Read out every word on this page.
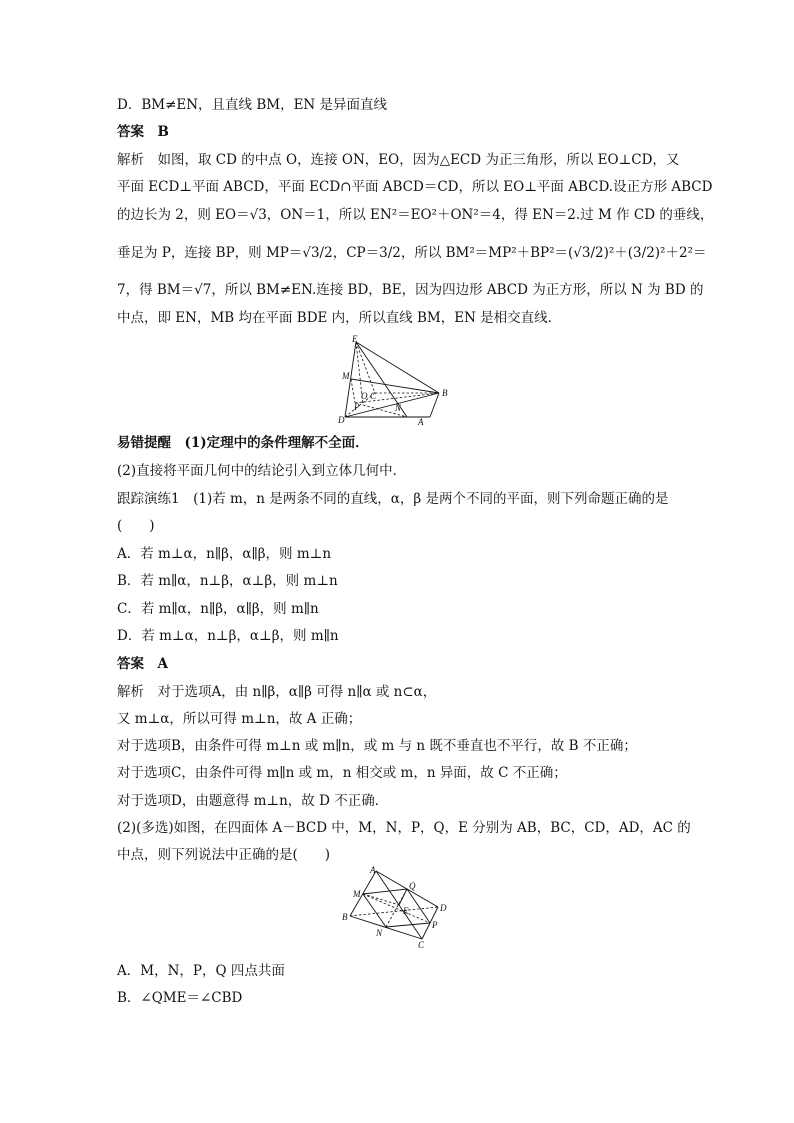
D．BM≠EN，且直线 BM，EN 是异面直线
答案　B
解析　如图，取 CD 的中点 O，连接 ON，EO，因为△ECD 为正三角形，所以 EO⊥CD，又
平面 ECD⊥平面 ABCD，平面 ECD∩平面 ABCD＝CD，所以 EO⊥平面 ABCD.设正方形 ABCD
的边长为 2，则 EO＝√3，ON＝1，所以 EN²＝EO²＋ON²＝4，得 EN＝2.过 M 作 CD 的垂线，
垂足为 P，连接 BP，则 MP＝√3/2，CP＝3/2，所以 BM²＝MP²＋BP²＝(√3/2)²＋(3/2)²＋2²＝
7，得 BM＝√7，所以 BM≠EN.连接 BD，BE，因为四边形 ABCD 为正方形，所以 N 为 BD 的
中点，即 EN，MB 均在平面 BDE 内，所以直线 BM，EN 是相交直线．
E
M
O C
P	N
B
D	A
易错提醒　(1)定理中的条件理解不全面．
(2)直接将平面几何中的结论引入到立体几何中．
跟踪演练1　(1)若 m，n 是两条不同的直线，α，β 是两个不同的平面，则下列命题正确的是
(　　)
A．若 m⊥α，n∥β，α∥β，则 m⊥n
B．若 m∥α，n⊥β，α⊥β，则 m⊥n
C．若 m∥α，n∥β，α∥β，则 m∥n
D．若 m⊥α，n⊥β，α⊥β，则 m∥n
答案　A
解析　对于选项A，由 n∥β，α∥β 可得 n∥α 或 n⊂α，
又 m⊥α，所以可得 m⊥n，故 A 正确；
对于选项B，由条件可得 m⊥n 或 m∥n，或 m 与 n 既不垂直也不平行，故 B 不正确；
对于选项C，由条件可得 m∥n 或 m，n 相交或 m，n 异面，故 C 不正确；
对于选项D，由题意得 m⊥n，故 D 不正确．
(2)(多选)如图，在四面体 A－BCD 中，M，N，P，Q，E 分别为 AB，BC，CD，AD，AC 的
中点，则下列说法中正确的是(　　)
A
Q
M
E	D
B
P
N
C
A．M，N，P，Q 四点共面
B．∠QME＝∠CBD
